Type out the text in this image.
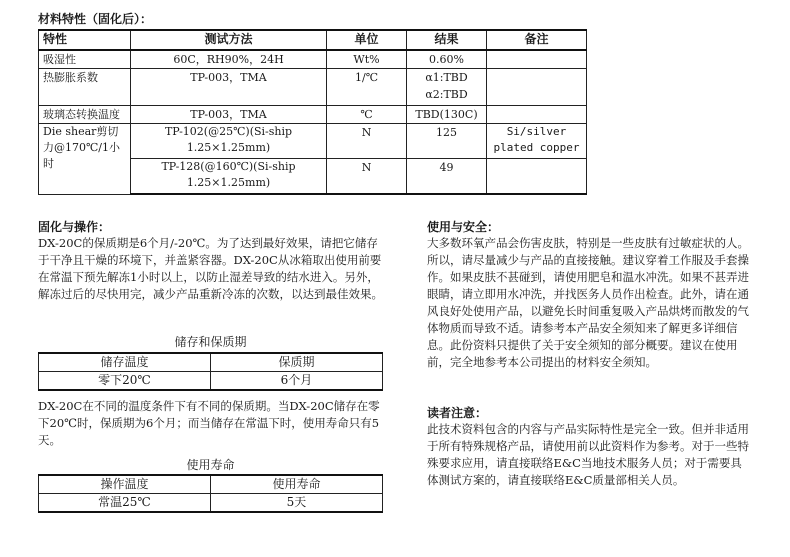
材料特性（固化后）：
特性	测试方法	单位	结果	备注
吸湿性	60C，RH90%，24H	Wt%	0.60%	
热膨胀系数	TP-003，TMA	1/℃	α1:TBD
α2:TBD	

玻璃态转换温度	TP-003，TMA	℃	TBD(130C)	
Die shear剪切力@170℃/1小时	TP-102(@25℃)(Si-ship 1.25×1.25mm)	N	125	Si/silver plated copper
	TP-128(@160℃)(Si-ship 1.25×1.25mm)	N	49	
固化与操作：
DX-20C的保质期是6个月/-20℃。为了达到最好效果，请把它储存于干净且干燥的环境下，并盖紧容器。DX-20C从冰箱取出使用前要在常温下预先解冻1小时以上，以防止湿差导致的结水进入。另外，解冻过后的尽快用完，减少产品重新冷冻的次数，以达到最佳效果。
储存和保质期
储存温度	保质期
零下20℃	6个月
DX-20C在不同的温度条件下有不同的保质期。当DX-20C储存在零下20℃时，保质期为6个月；而当储存在常温下时，使用寿命只有5天。
使用寿命
操作温度	使用寿命
常温25℃	5天
使用与安全：
大多数环氧产品会伤害皮肤，特别是一些皮肤有过敏症状的人。所以，请尽量减少与产品的直接接触。建议穿着工作服及手套操作。如果皮肤不甚碰到，请使用肥皂和温水冲洗。如果不甚弄进眼睛，请立即用水冲洗，并找医务人员作出检查。此外，请在通风良好处使用产品，以避免长时间重复吸入产品烘烤而散发的气体物质而导致不适。请参考本产品安全须知来了解更多详细信息。此份资料只提供了关于安全须知的部分概要。建议在使用前，完全地参考本公司提出的材料安全须知。
读者注意：
此技术资料包含的内容与产品实际特性是完全一致。但并非适用于所有特殊规格产品，请使用前以此资料作为参考。对于一些特殊要求应用，请直接联络E&C当地技术服务人员；对于需要具体测试方案的，请直接联络E&C质量部相关人员。
